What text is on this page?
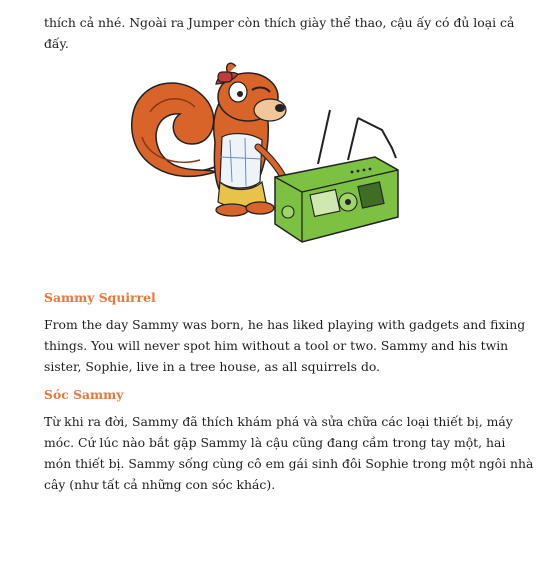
thích cả nhé. Ngoài ra Jumper còn thích giày thể thao, cậu ấy có đủ loại cả đấy.

Sammy Squirrel

From the day Sammy was born, he has liked playing with gadgets and fixing things. You will never spot him without a tool or two. Sammy and his twin sister, Sophie, live in a tree house, as all squirrels do.

Sóc Sammy

Từ khi ra đời, Sammy đã thích khám phá và sửa chữa các loại thiết bị, máy móc. Cứ lúc nào bắt gặp Sammy là cậu cũng đang cầm trong tay một, hai món thiết bị. Sammy sống cùng cô em gái sinh đôi Sophie trong một ngôi nhà cây (như tất cả những con sóc khác).
